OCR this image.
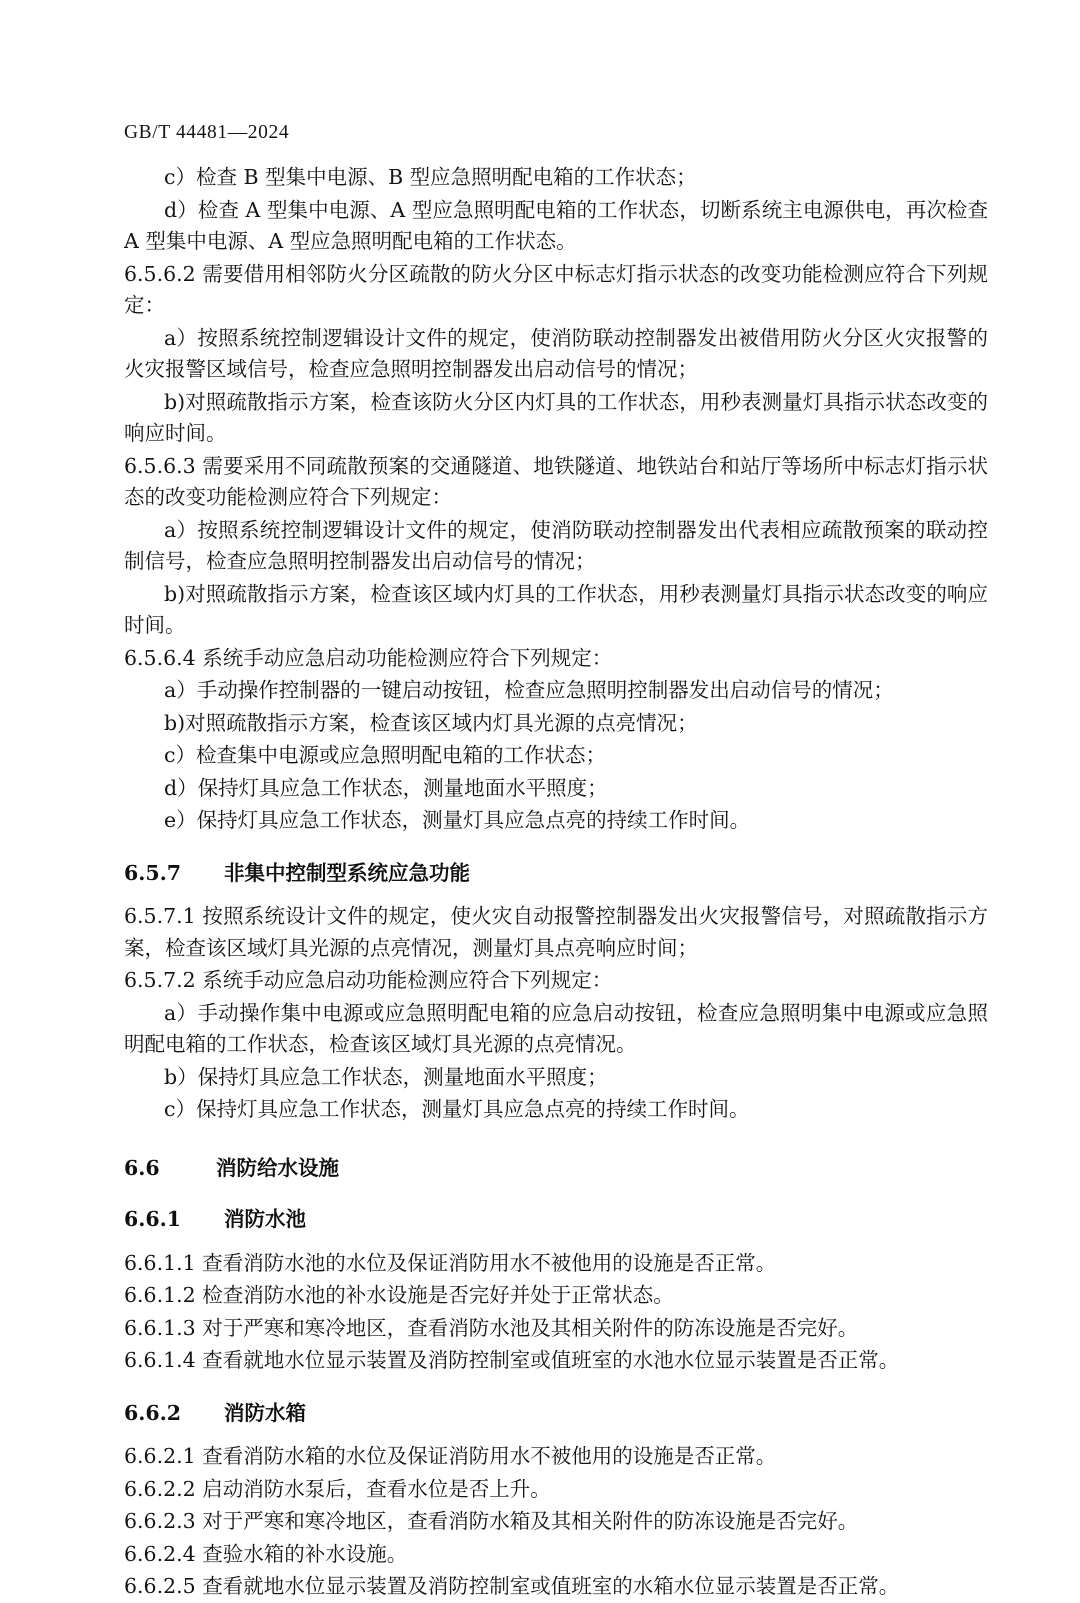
GB/T 44481—2024

c）检查 B 型集中电源、B 型应急照明配电箱的工作状态；

d）检查 A 型集中电源、A 型应急照明配电箱的工作状态，切断系统主电源供电，再次检查 A 型集中电源、A 型应急照明配电箱的工作状态。

6.5.6.2 需要借用相邻防火分区疏散的防火分区中标志灯指示状态的改变功能检测应符合下列规定：

a）按照系统控制逻辑设计文件的规定，使消防联动控制器发出被借用防火分区火灾报警的火灾报警区域信号，检查应急照明控制器发出启动信号的情况；

b)对照疏散指示方案，检查该防火分区内灯具的工作状态，用秒表测量灯具指示状态改变的响应时间。

6.5.6.3 需要采用不同疏散预案的交通隧道、地铁隧道、地铁站台和站厅等场所中标志灯指示状态的改变功能检测应符合下列规定：

a）按照系统控制逻辑设计文件的规定，使消防联动控制器发出代表相应疏散预案的联动控制信号，检查应急照明控制器发出启动信号的情况；

b)对照疏散指示方案，检查该区域内灯具的工作状态，用秒表测量灯具指示状态改变的响应时间。

6.5.6.4 系统手动应急启动功能检测应符合下列规定：

a）手动操作控制器的一键启动按钮，检查应急照明控制器发出启动信号的情况；

b)对照疏散指示方案，检查该区域内灯具光源的点亮情况；

c）检查集中电源或应急照明配电箱的工作状态；

d）保持灯具应急工作状态，测量地面水平照度；

e）保持灯具应急工作状态，测量灯具应急点亮的持续工作时间。

6.5.7 非集中控制型系统应急功能

6.5.7.1 按照系统设计文件的规定，使火灾自动报警控制器发出火灾报警信号，对照疏散指示方案，检查该区域灯具光源的点亮情况，测量灯具点亮响应时间；

6.5.7.2 系统手动应急启动功能检测应符合下列规定：

a）手动操作集中电源或应急照明配电箱的应急启动按钮，检查应急照明集中电源或应急照明配电箱的工作状态，检查该区域灯具光源的点亮情况。

b）保持灯具应急工作状态，测量地面水平照度；

c）保持灯具应急工作状态，测量灯具应急点亮的持续工作时间。

6.6	消防给水设施

6.6.1 消防水池

6.6.1.1 查看消防水池的水位及保证消防用水不被他用的设施是否正常。

6.6.1.2 检查消防水池的补水设施是否完好并处于正常状态。

6.6.1.3 对于严寒和寒冷地区，查看消防水池及其相关附件的防冻设施是否完好。

6.6.1.4 查看就地水位显示装置及消防控制室或值班室的水池水位显示装置是否正常。

6.6.2 消防水箱

6.6.2.1 查看消防水箱的水位及保证消防用水不被他用的设施是否正常。

6.6.2.2 启动消防水泵后，查看水位是否上升。

6.6.2.3 对于严寒和寒冷地区，查看消防水箱及其相关附件的防冻设施是否完好。

6.6.2.4 查验水箱的补水设施。

6.6.2.5 查看就地水位显示装置及消防控制室或值班室的水箱水位显示装置是否正常。
